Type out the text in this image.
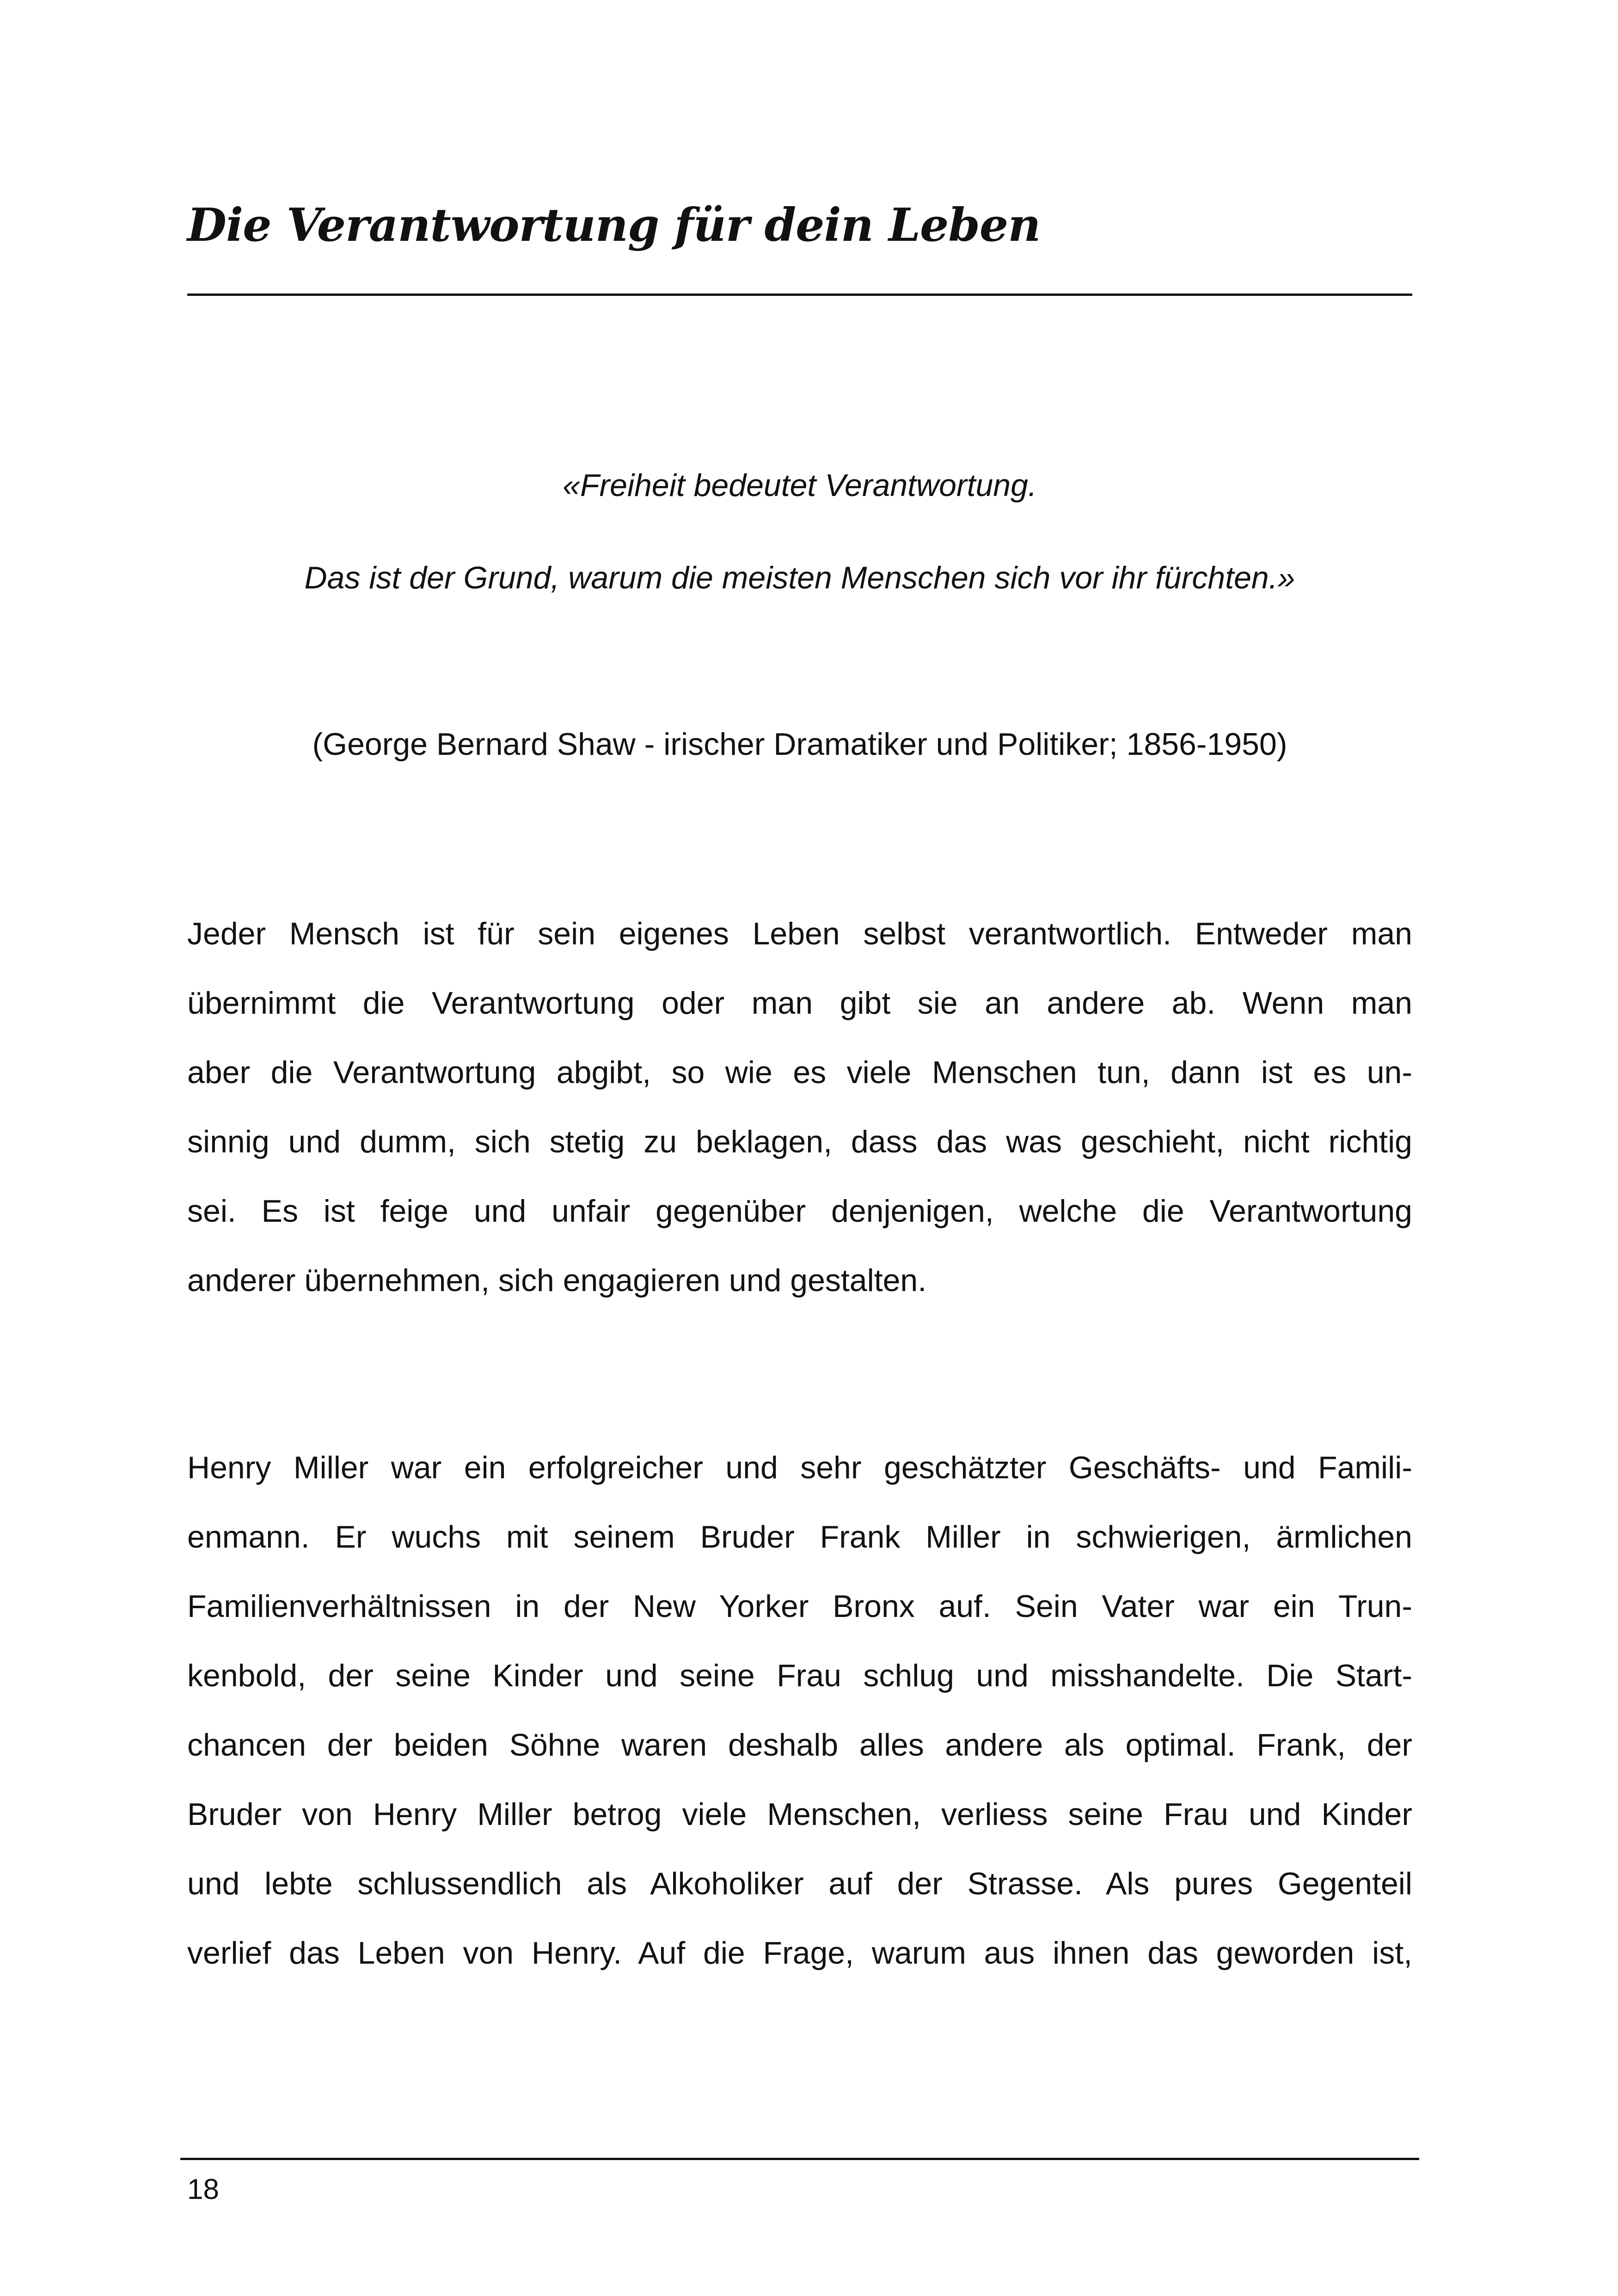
Die Verantwortung für dein Leben
«Freiheit bedeutet Verantwortung.
Das ist der Grund, warum die meisten Menschen sich vor ihr fürchten.»
(George Bernard Shaw - irischer Dramatiker und Politiker; 1856-1950)
Jeder Mensch ist für sein eigenes Leben selbst verantwortlich. Entweder man
übernimmt die Verantwortung oder man gibt sie an andere ab. Wenn man
aber die Verantwortung abgibt, so wie es viele Menschen tun, dann ist es un-
sinnig und dumm, sich stetig zu beklagen, dass das was geschieht, nicht richtig
sei. Es ist feige und unfair gegenüber denjenigen, welche die Verantwortung
anderer übernehmen, sich engagieren und gestalten.
Henry Miller war ein erfolgreicher und sehr geschätzter Geschäfts- und Famili-
enmann. Er wuchs mit seinem Bruder Frank Miller in schwierigen, ärmlichen
Familienverhältnissen in der New Yorker Bronx auf. Sein Vater war ein Trun-
kenbold, der seine Kinder und seine Frau schlug und misshandelte. Die Start-
chancen der beiden Söhne waren deshalb alles andere als optimal. Frank, der
Bruder von Henry Miller betrog viele Menschen, verliess seine Frau und Kinder
und lebte schlussendlich als Alkoholiker auf der Strasse. Als pures Gegenteil
verlief das Leben von Henry. Auf die Frage, warum aus ihnen das geworden ist,
18
